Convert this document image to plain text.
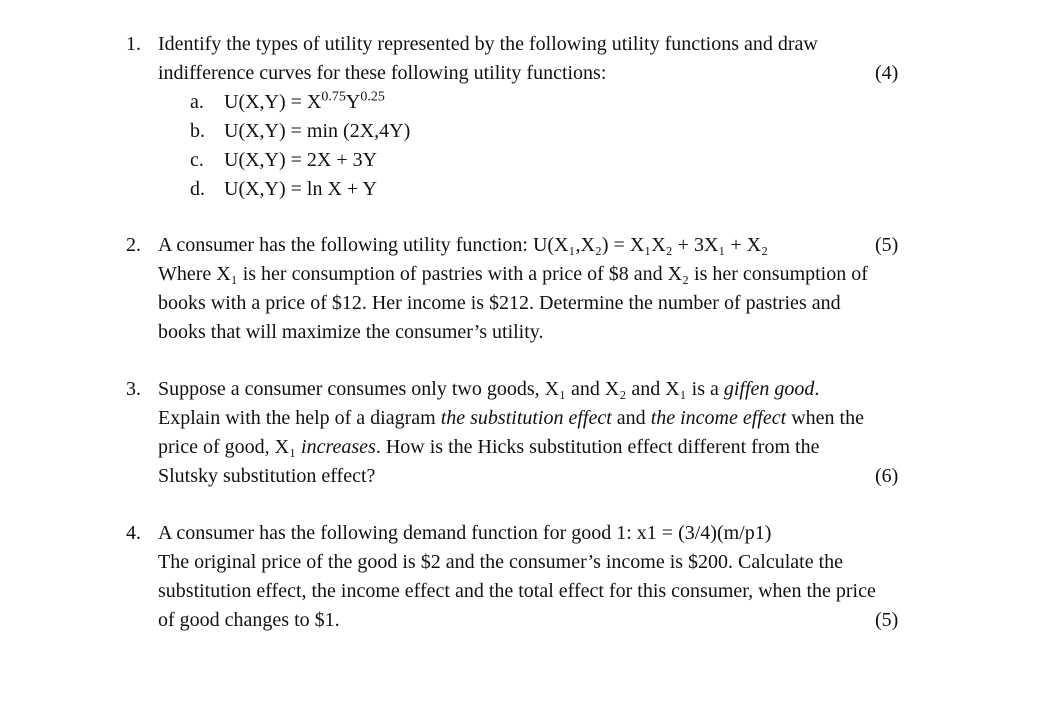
1. Identify the types of utility represented by the following utility functions and draw
indifference curves for these following utility functions:	(4)
a. $U(X,Y) = X^{0.75}Y^{0.25}$
b. U(X,Y) = min (2X,4Y)
c. U(X,Y) = 2X + 3Y
d. U(X,Y) = ln X + Y
2. A consumer has the following utility function: U(X₁,X₂) = X₁X₂ + 3X₁ + X₂	(5)
Where X₁ is her consumption of pastries with a price of $8 and X₂ is her consumption of
books with a price of $12. Her income is $212. Determine the number of pastries and
books that will maximize the consumer’s utility.
3. Suppose a consumer consumes only two goods, X₁ and X₂ and X₁ is a giffen good.
Explain with the help of a diagram the substitution effect and the income effect when the
price of good, X₁ increases. How is the Hicks substitution effect different from the
Slutsky substitution effect?	(6)
4. A consumer has the following demand function for good 1: x1 = (3/4)(m/p1)
The original price of the good is $2 and the consumer’s income is $200. Calculate the
substitution effect, the income effect and the total effect for this consumer, when the price
of good changes to $1.	(5)
